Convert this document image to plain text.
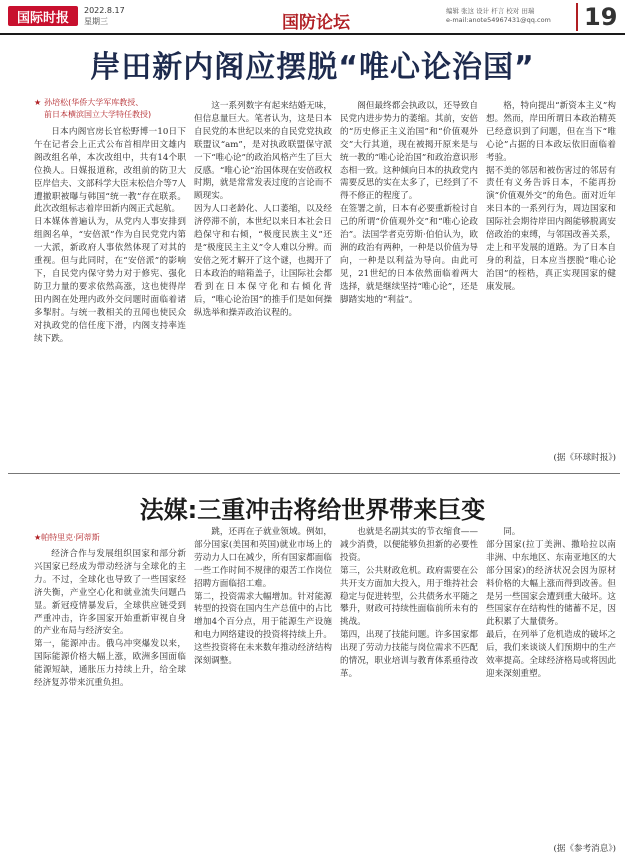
国际时报	2022.8.17
星期三	国防论坛
编辑 张这 设计 杆言 校对 田瑞
e-mail:anote54967431@qq.com	19
岸田新内阁应摆脱“唯心论治国”
★ 孙培松(华侨大学军库教授、
前日本横滨国立大学特任教授)

日本内阁官房长官松野博一10日下午在记者会上正式公布首相岸田文雄内阁改组名单，本次改组中，共有14个职位换人。日媒报道称，改组前的防卫大臣岸信夫、文部科学大臣末松信介等7人遭撤职被曝与韩国“统一教”存在联系。此次改组标志着岸田新内阁正式起航。
日本媒体普遍认为，从党内人事安排到组阁名单，“安倍派”作为自民党党内第一大派，新政府人事依然体现了对其的重视。但与此同时，在“安倍派”的影响下，自民党内保守势力对于修宪、强化防卫力量的要求依然高涨，这也使得岸田内阁在处理内政外交问题时面临着诸多掣肘。与统一教相关的丑闻也使民众对执政党的信任度下滑，内阁支持率连续下跌。

这一系列数字有起来结婚无味，但信息量巨大。笔者认为，这是日本自民党的本世纪以来的自民党党执政联盟议“am”，是对执政联盟保守派一下“唯心论”的政治风格产生了巨大反感。“唯心论”治国体现在安倍政权时期，就是常常发表过度的言论而不顾现实。
因为人口老龄化、人口萎缩，以及经济停滞不前，本世纪以来日本社会日趋保守和右倾，“极度民族主义”还是“极度民主主义”令人难以分辨。而安倍之死才解开了这个谜，也揭开了日本政治的暗箱盖子，让国际社会都看到在日本保守化和右倾化背后，“唯心论治国”的推手们是如何操纵选举和操弄政治议程的。

阁但最终都会执政以，还导致自民党内进步势力的萎缩。其前，安倍的“历史修正主义治国”和“价值观外交”大行其道，现在被揭开原来是与统一教的“唯心论治国”和政治意识形态相一致。这种倾向日本的执政党内需要反思的实在太多了，已经到了不得不修正的程度了。
在签署之前，日本有必要重新检讨自己的所谓“价值观外交”和“唯心论政治”。法国学者克劳斯·伯伯认为，欧洲的政治有两种，一种是以价值为导向，一种是以利益为导向。由此可见，21世纪的日本依然面临着两大选择，就是继续坚持“唯心论”，还是脚踏实地的“利益”。

格，特向提出“新资本主义”构想。然而，岸田所谓日本政治精英已经意识到了问题，但在当下“唯心论”占据的日本政坛依旧面临着考验。
据不美的邻居和被伤害过的邻居有责任有义务告诉日本，不能再扮演“价值观外交”的角色。面对近年来日本的一系列行为，周边国家和国际社会期待岸田内阁能够脱离安倍政治的束缚，与邻国改善关系，走上和平发展的道路。为了日本自身的利益，日本应当摆脱“唯心论治国”的桎梏，真正实现国家的健康发展。

(据《环球时报》)
法媒:三重冲击将给世界带来巨变
★帕特里克·阿蒂斯

经济合作与发展组织国家和部分新兴国家已经成为带动经济与全球化的主力。不过，全球化也导致了一些国家经济失衡，产业空心化和就业流失问题凸显。新冠疫情暴发后，全球供应链受到严重冲击，许多国家开始重新审视自身的产业布局与经济安全。
第一，能源冲击。俄乌冲突爆发以来，国际能源价格大幅上涨，欧洲多国面临能源短缺，通胀压力持续上升，给全球经济复苏带来沉重负担。

跳，还再在子就业领域。例如，部分国家(美国和英国)就业市场上的劳动力人口在减少，所有国家都面临一些工作时间不规律的艰苦工作岗位招聘方面临招工难。
第二，投资需求大幅增加。针对能源转型的投资在国内生产总值中的占比增加4个百分点，用于能源生产设施和电力网络建设的投资将持续上升。这些投资将在未来数年推动经济结构深刻调整。

也就是名副其实的节衣缩食——减少消费，以便能够负担新的必要性投资。
第三，公共财政危机。政府需要在公共开支方面加大投入，用于维持社会稳定与促进转型，公共债务水平随之攀升，财政可持续性面临前所未有的挑战。
第四，出现了技能问题。许多国家都出现了劳动力技能与岗位需求不匹配的情况，职业培训与教育体系亟待改革。

同。
部分国家(拉丁美洲、撒哈拉以南非洲、中东地区、东南亚地区的大部分国家)的经济状况会因为原材料价格的大幅上涨而得到改善。但是另一些国家会遭到重大破坏。这些国家存在结构性的储蓄不足，因此积累了大量债务。
最后，在列举了危机造成的破坏之后，我们来谈谈人们预期中的生产效率提高。全球经济格局或将因此迎来深刻重塑。

(据《参考消息》)
